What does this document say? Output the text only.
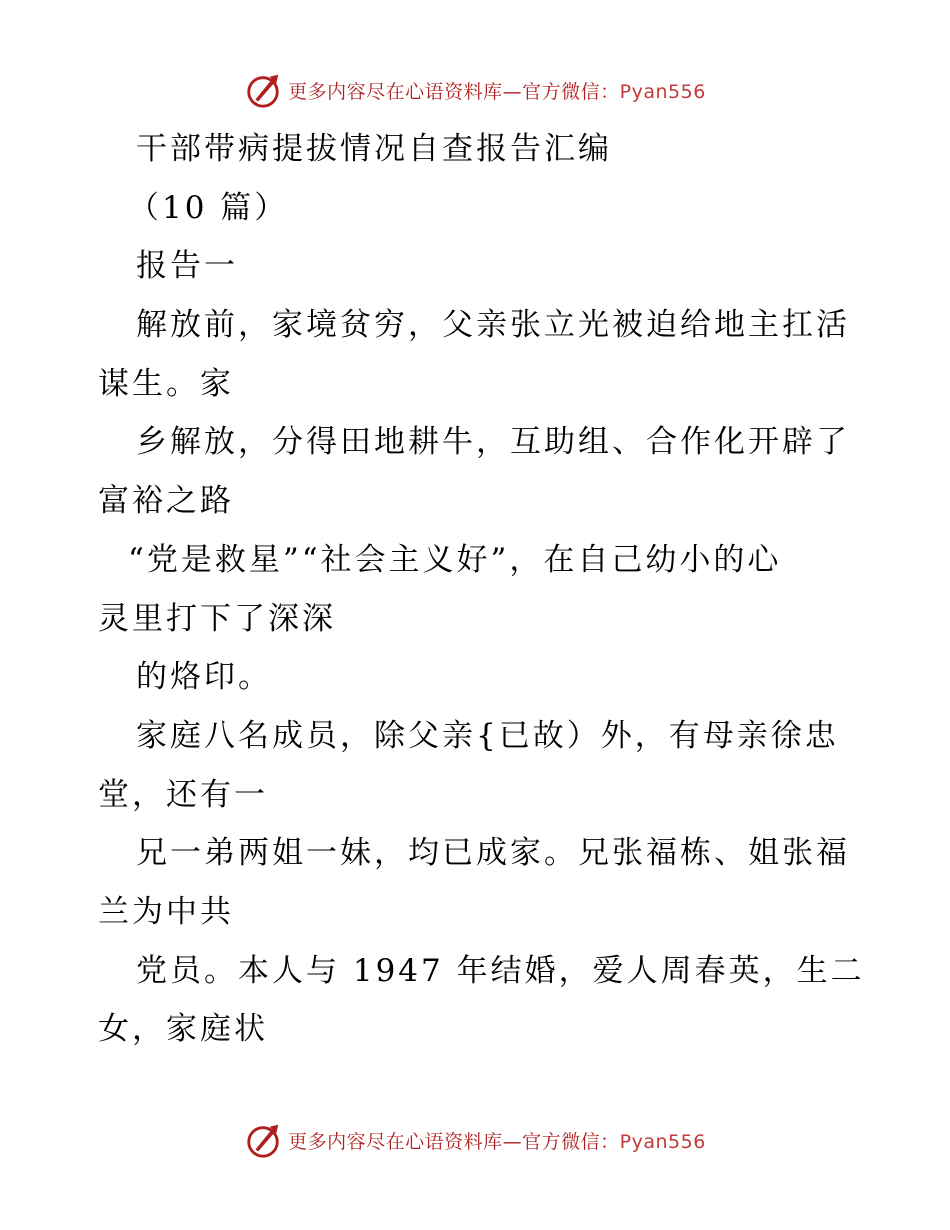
更多内容尽在心语资料库—官方微信：Pyan556
干部带病提拔情况自查报告汇编
（10 篇）
报告一
解放前，家境贫穷，父亲张立光被迫给地主扛活
谋生。家
乡解放，分得田地耕牛，互助组、合作化开辟了
富裕之路
“党是救星”“社会主义好”，在自己幼小的心
灵里打下了深深
的烙印。
家庭八名成员，除父亲{已故）外，有母亲徐忠
堂，还有一
兄一弟两姐一妹，均已成家。兄张福栋、姐张福
兰为中共
党员。本人与 1947 年结婚，爱人周春英，生二
女，家庭状
更多内容尽在心语资料库—官方微信：Pyan556
